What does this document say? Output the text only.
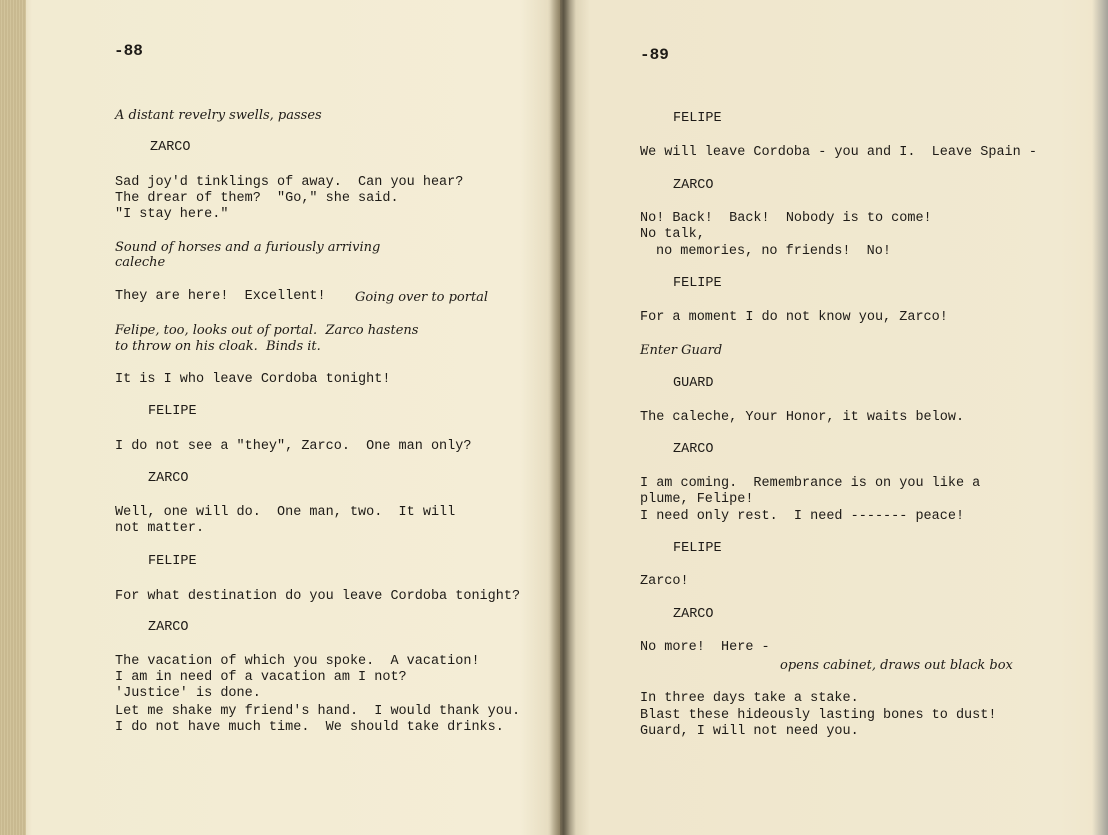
-88
A distant revelry swells, passes
ZARCO
Sad joy'd tinklings of away.  Can you hear?
The drear of them?  "Go," she said.
"I stay here."
Sound of horses and a furiously arriving
caleche
They are here!  Excellent! Going over to portal
Felipe, too, looks out of portal.  Zarco hastens
to throw on his cloak.  Binds it.
It is I who leave Cordoba tonight!
FELIPE
I do not see a "they", Zarco.  One man only?
ZARCO
Well, one will do.  One man, two.  It will
not matter.
FELIPE
For what destination do you leave Cordoba tonight?
ZARCO
The vacation of which you spoke.  A vacation!
I am in need of a vacation am I not?
'Justice' is done.
Let me shake my friend's hand.  I would thank you.
I do not have much time.  We should take drinks.
-89
FELIPE
We will leave Cordoba - you and I.  Leave Spain -
ZARCO
No! Back!  Back!  Nobody is to come!
No talk,
no memories, no friends!  No!
FELIPE
For a moment I do not know you, Zarco!
Enter Guard
GUARD
The caleche, Your Honor, it waits below.
ZARCO
I am coming.  Remembrance is on you like a
plume, Felipe!
I need only rest.  I need ------- peace!
FELIPE
Zarco!
ZARCO
No more!  Here -
opens cabinet, draws out black box
In three days take a stake.
Blast these hideously lasting bones to dust!
Guard, I will not need you.
